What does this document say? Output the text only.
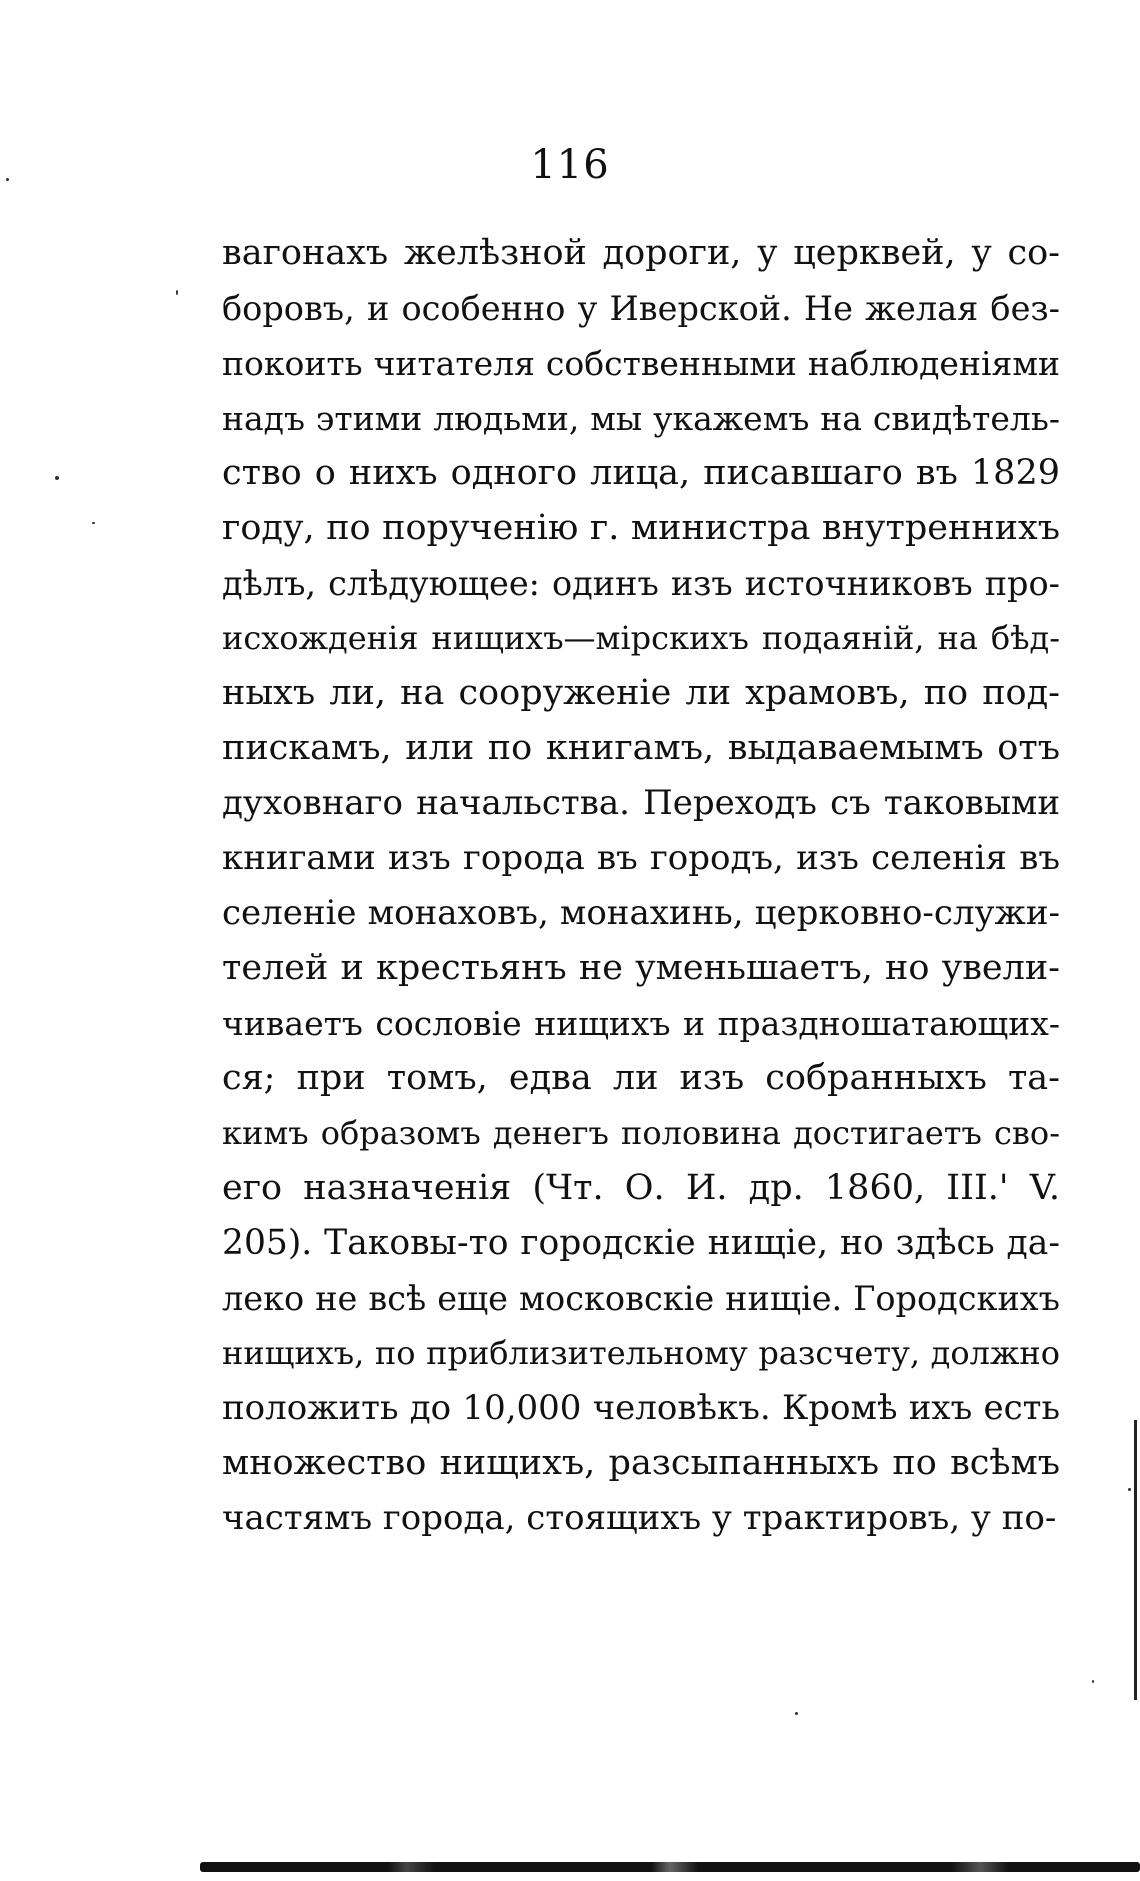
116
вагонахъ желѣзной дороги, у церквей, у со-
боровъ, и особенно у Иверской. Не желая без-
покоить читателя собственными наблюденіями
надъ этими людьми, мы укажемъ на свидѣтель-
ство о нихъ одного лица, писавшаго въ 1829
году, по порученію г. министра внутреннихъ
дѣлъ, слѣдующее: одинъ изъ источниковъ про-
исхожденія нищихъ—мірскихъ подаяній, на бѣд-
ныхъ ли, на сооруженіе ли храмовъ, по под-
пискамъ, или по книгамъ, выдаваемымъ отъ
духовнаго начальства. Переходъ съ таковыми
книгами изъ города въ городъ, изъ селенія въ
селеніе монаховъ, монахинь, церковно-служи-
телей и крестьянъ не уменьшаетъ, но увели-
чиваетъ сословіе нищихъ и праздношатающих-
ся; при томъ, едва ли изъ собранныхъ та-
кимъ образомъ денегъ половина достигаетъ сво-
его назначенія (Чт. О. И. др. 1860, III.' V.
205). Таковы-то городскіе нищіе, но здѣсь да-
леко не всѣ еще московскіе нищіе. Городскихъ
нищихъ, по приблизительному разсчету, должно
положить до 10,000 человѣкъ. Кромѣ ихъ есть
множество нищихъ, разсыпанныхъ по всѣмъ
частямъ города, стоящихъ у трактировъ, у по-
